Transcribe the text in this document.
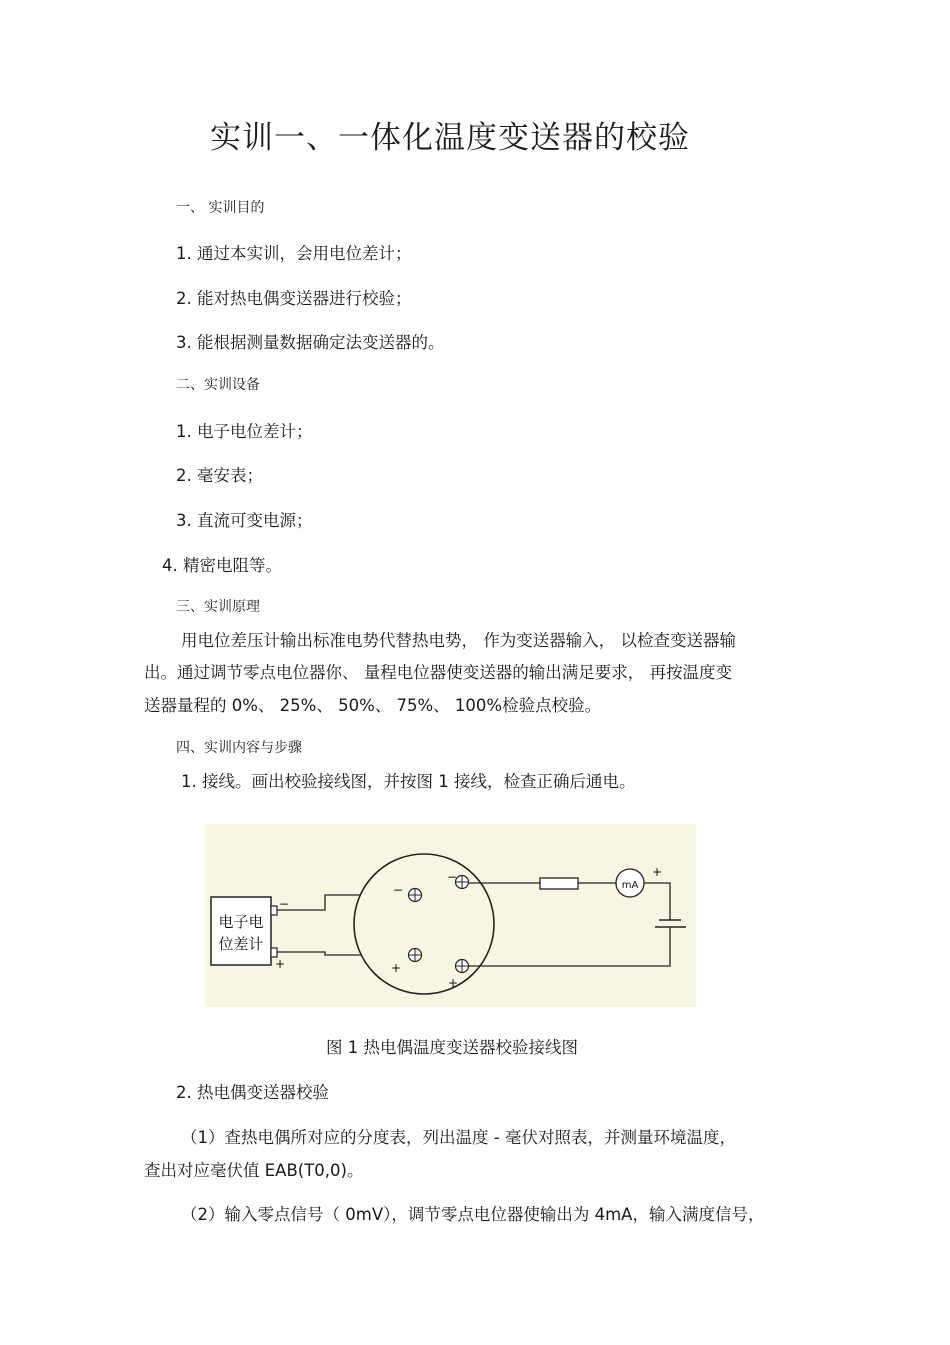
实训一、一体化温度变送器的校验
一、 实训目的
1. 通过本实训，会用电位差计；
2. 能对热电偶变送器进行校验；
3. 能根据测量数据确定法变送器的。
二、实训设备
1. 电子电位差计；
2. 毫安表；
3. 直流可变电源；
4. 精密电阻等。
三、实训原理
用电位差压计输出标准电势代替热电势， 作为变送器输入， 以检查变送器输
出。通过调节零点电位器你、 量程电位器使变送器的输出满足要求， 再按温度变
送器量程的 0%、 25%、 50%、 75%、 100%检验点校验。
四、实训内容与步骤
1. 接线。画出校验接线图，并按图 1 接线，检查正确后通电。
电子电
位差计
−
+
−
−
+
+
mA
+
图 1 热电偶温度变送器校验接线图
2. 热电偶变送器校验
（1）查热电偶所对应的分度表，列出温度 - 毫伏对照表，并测量环境温度，
查出对应毫伏值 EAB(T0,0)。
（2）输入零点信号（ 0mV），调节零点电位器使输出为 4mA，输入满度信号，
